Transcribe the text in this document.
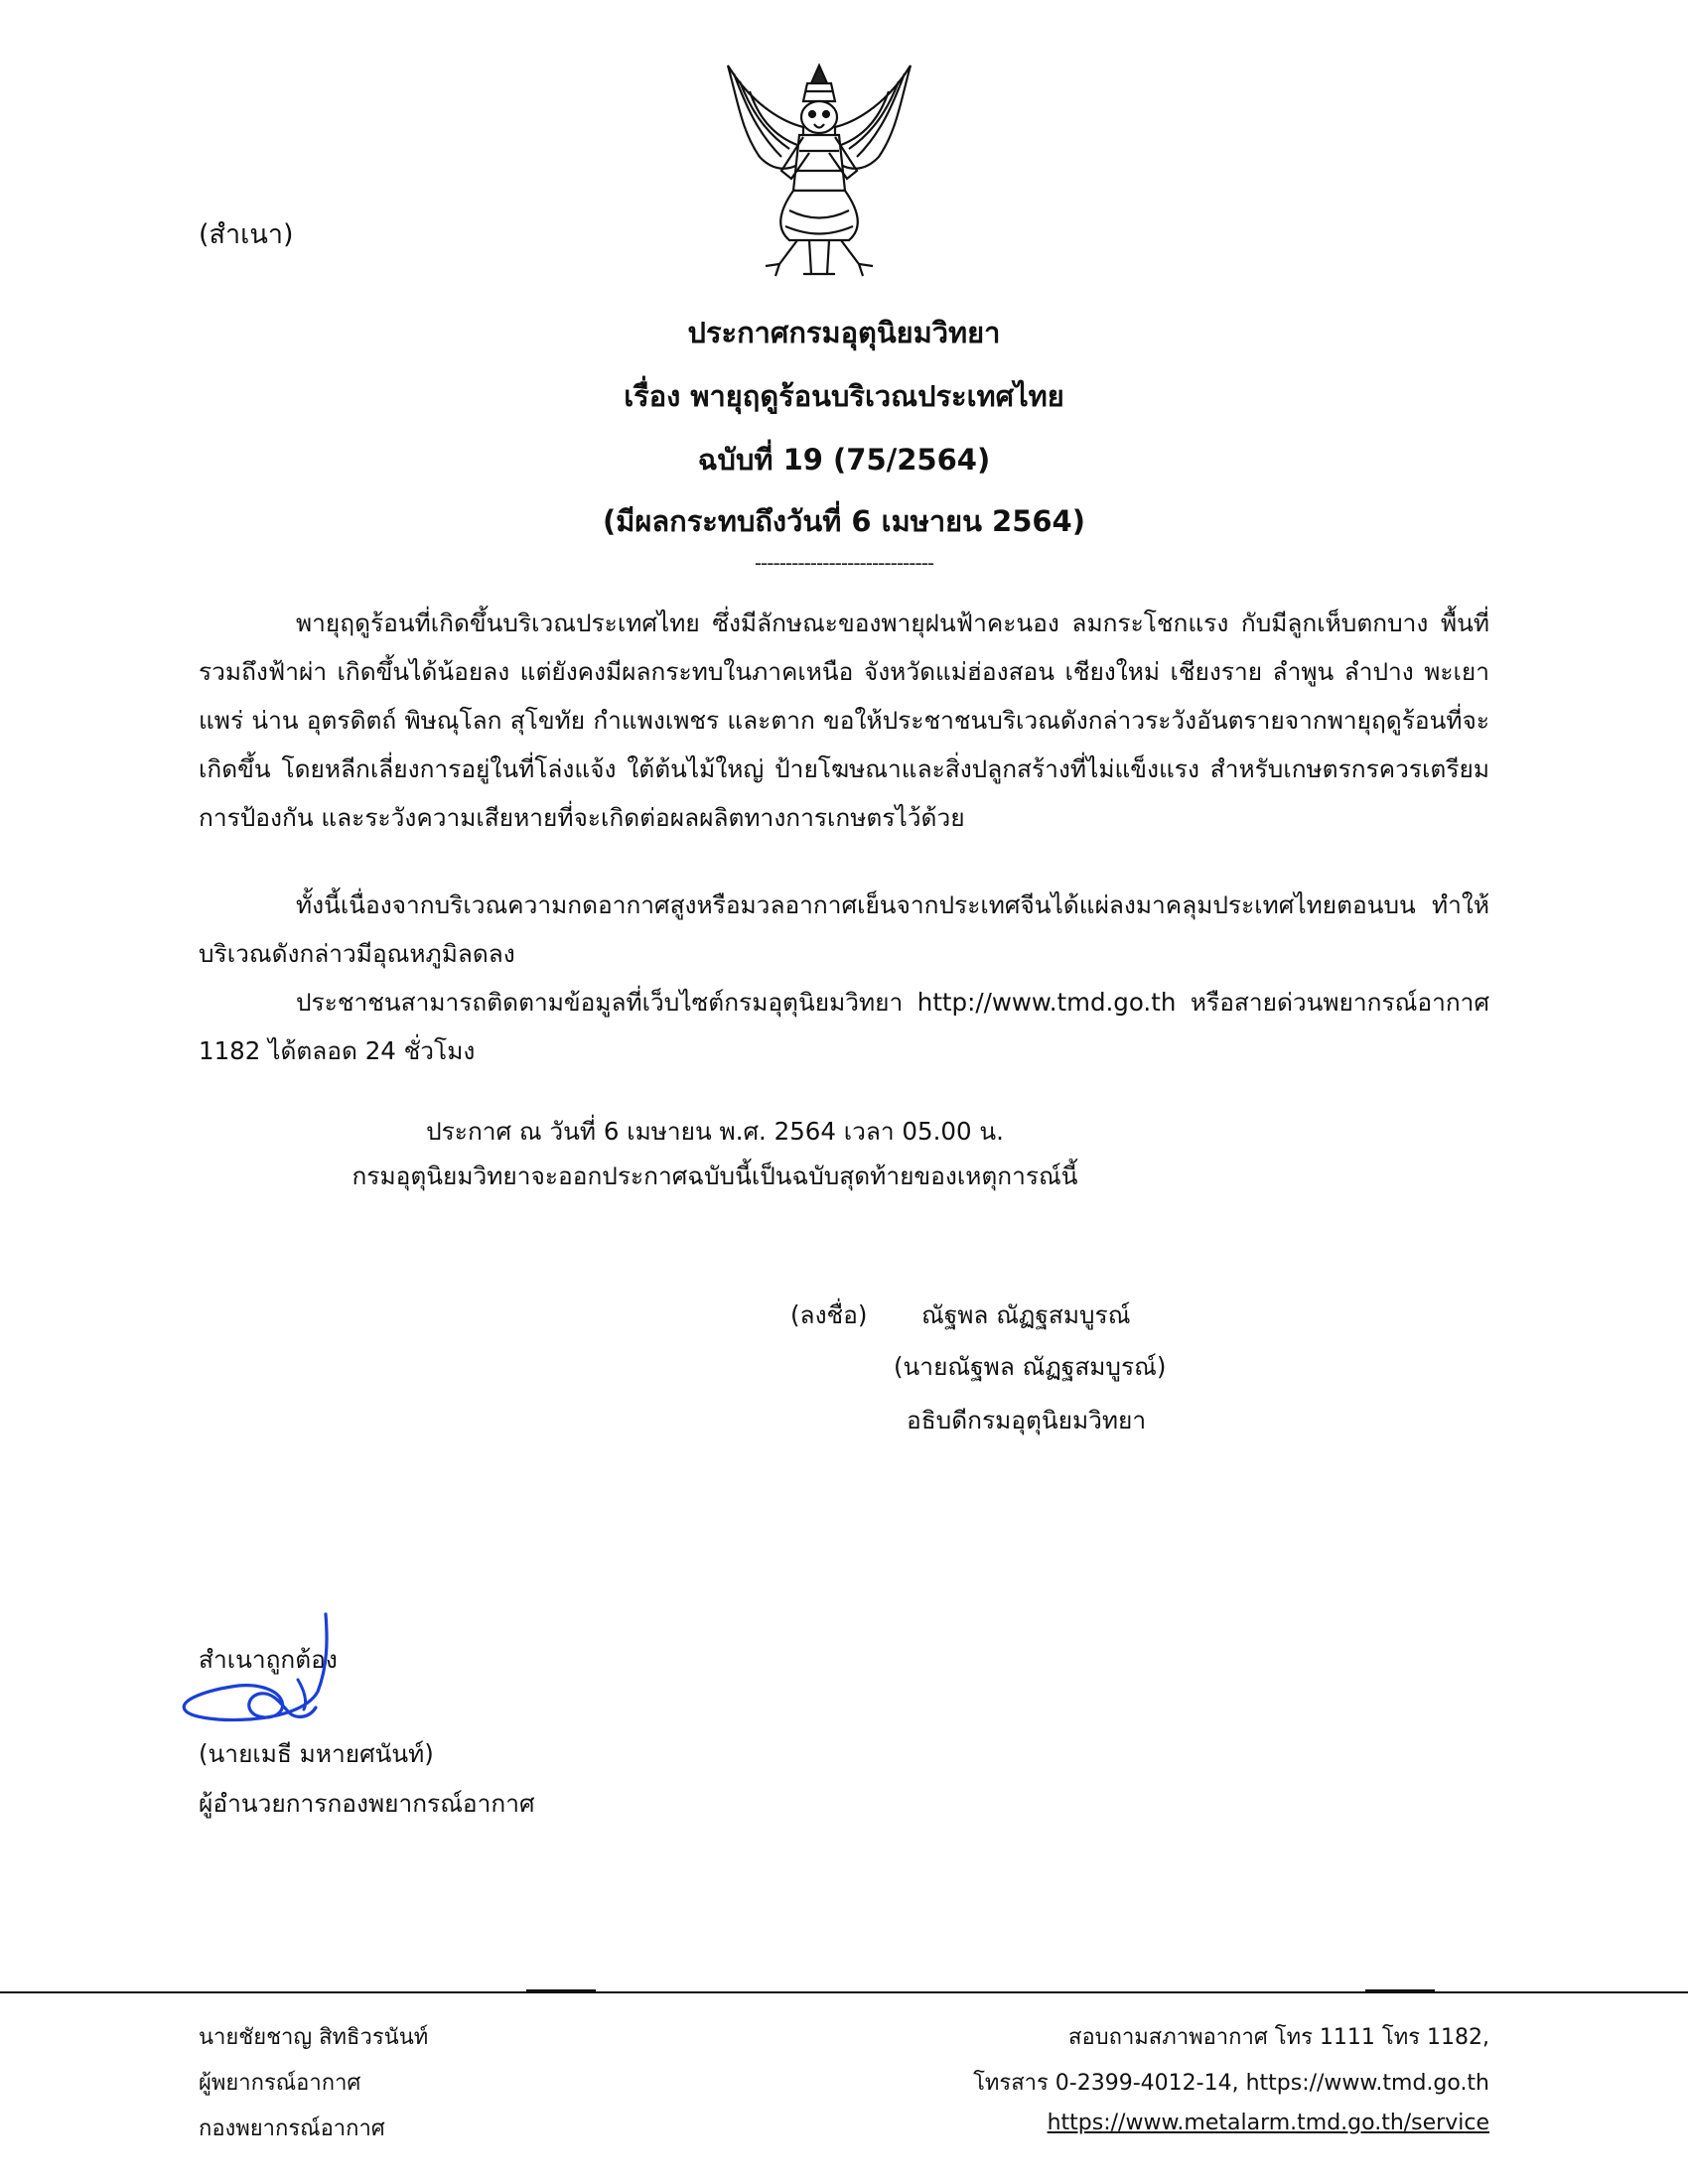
(สำเนา)
ประกาศกรมอุตุนิยมวิทยา
เรื่อง พายุฤดูร้อนบริเวณประเทศไทย
ฉบับที่ 19 (75/2564)
(มีผลกระทบถึงวันที่ 6 เมษายน 2564)
-----------------------------
พายุฤดูร้อนที่เกิดขึ้นบริเวณประเทศไทย ซึ่งมีลักษณะของพายุฝนฟ้าคะนอง ลมกระโชกแรง กับมีลูกเห็บตกบาง พื้นที่ รวมถึงฟ้าผ่า เกิดขึ้นได้น้อยลง แต่ยังคงมีผลกระทบในภาคเหนือ จังหวัดแม่ฮ่องสอน เชียงใหม่ เชียงราย ลำพูน ลำปาง พะเยา แพร่ น่าน อุตรดิตถ์ พิษณุโลก สุโขทัย กำแพงเพชร และตาก ขอให้ประชาชนบริเวณดังกล่าวระวังอันตรายจากพายุฤดูร้อนที่จะเกิดขึ้น โดยหลีกเลี่ยงการอยู่ในที่โล่งแจ้ง ใต้ต้นไม้ใหญ่ ป้ายโฆษณาและสิ่งปลูกสร้างที่ไม่แข็งแรง สำหรับเกษตรกรควรเตรียมการป้องกัน และระวังความเสียหายที่จะเกิดต่อผลผลิตทางการเกษตรไว้ด้วย
ทั้งนี้เนื่องจากบริเวณความกดอากาศสูงหรือมวลอากาศเย็นจากประเทศจีนได้แผ่ลงมาคลุมประเทศไทยตอนบน ทำให้ บริเวณดังกล่าวมีอุณหภูมิลดลง
ประชาชนสามารถติดตามข้อมูลที่เว็บไซต์กรมอุตุนิยมวิทยา http://www.tmd.go.th หรือสายด่วนพยากรณ์อากาศ 1182 ได้ตลอด 24 ชั่วโมง
ประกาศ ณ วันที่ 6 เมษายน พ.ศ. 2564 เวลา 05.00 น.
กรมอุตุนิยมวิทยาจะออกประกาศฉบับนี้เป็นฉบับสุดท้ายของเหตุการณ์นี้
(ลงชื่อ) ณัฐพล ณัฏฐสมบูรณ์
(นายณัฐพล ณัฏฐสมบูรณ์)
อธิบดีกรมอุตุนิยมวิทยา
สำเนาถูกต้อง
(นายเมธี มหายศนันท์)
ผู้อำนวยการกองพยากรณ์อากาศ
นายชัยชาญ สิทธิวรนันท์
ผู้พยากรณ์อากาศ
กองพยากรณ์อากาศ
สอบถามสภาพอากาศ โทร 1111 โทร 1182,
โทรสาร 0-2399-4012-14, https://www.tmd.go.th
https://www.metalarm.tmd.go.th/service
